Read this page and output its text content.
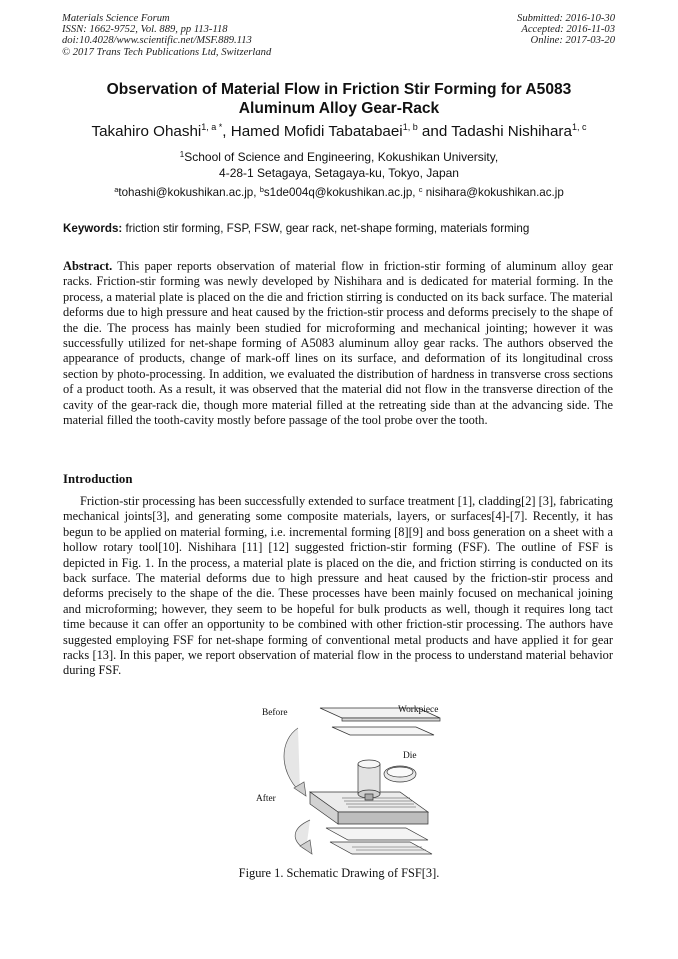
Materials Science Forum
ISSN: 1662-9752, Vol. 889, pp 113-118
doi:10.4028/www.scientific.net/MSF.889.113
© 2017 Trans Tech Publications Ltd, Switzerland
Submitted: 2016-10-30
Accepted: 2016-11-03
Online: 2017-03-20
Observation of Material Flow in Friction Stir Forming for A5083
Aluminum Alloy Gear-Rack
Takahiro Ohashi$^{1, a *}$, Hamed Mofidi Tabatabaei$^{1, b}$ and Tadashi Nishihara$^{1, c}$
$^1$School of Science and Engineering, Kokushikan University,
4-28-1 Setagaya, Setagaya-ku, Tokyo, Japan
$^a$tohashi@kokushikan.ac.jp, $^b$s1de004q@kokushikan.ac.jp, $^c$ nisihara@kokushikan.ac.jp
Keywords: friction stir forming, FSP, FSW, gear rack, net-shape forming, materials forming
Abstract. This paper reports observation of material flow in friction-stir forming of aluminum alloy gear racks. Friction-stir forming was newly developed by Nishihara and is dedicated for material forming. In the process, a material plate is placed on the die and friction stirring is conducted on its back surface. The material deforms due to high pressure and heat caused by the friction-stir process and deforms precisely to the shape of the die. The process has mainly been studied for microforming and mechanical jointing; however it was successfully utilized for net-shape forming of A5083 aluminum alloy gear racks. The authors observed the appearance of products, change of mark-off lines on its surface, and deformation of its longitudinal cross section by photo-processing. In addition, we evaluated the distribution of hardness in transverse cross sections of a product tooth. As a result, it was observed that the material did not flow in the transverse direction of the cavity of the gear-rack die, though more material filled at the retreating side than at the advancing side. The material filled the tooth-cavity mostly before passage of the tool probe over the tooth.
Introduction
Friction-stir processing has been successfully extended to surface treatment [1], cladding[2] [3], fabricating mechanical joints[3], and generating some composite materials, layers, or surfaces[4]-[7]. Recently, it has begun to be applied on material forming, i.e. incremental forming [8][9] and boss generation on a sheet with a hollow rotary tool[10]. Nishihara [11] [12] suggested friction-stir forming (FSF). The outline of FSF is depicted in Fig. 1. In the process, a material plate is placed on the die, and friction stirring is conducted on its back surface. The material deforms due to high pressure and heat caused by the friction-stir process and deforms precisely to the shape of the die. These processes have been mainly focused on mechanical joining and microforming; however, they seem to be hopeful for bulk products as well, though it requires long tact time because it can offer an opportunity to be combined with other friction-stir processing. The authors have suggested employing FSF for net-shape forming of conventional metal products and have applied it for gear racks [13]. In this paper, we report observation of material flow in the process to understand material behavior during FSF.
Before	Workpiece
Die
After
Figure 1. Schematic Drawing of FSF[3].
